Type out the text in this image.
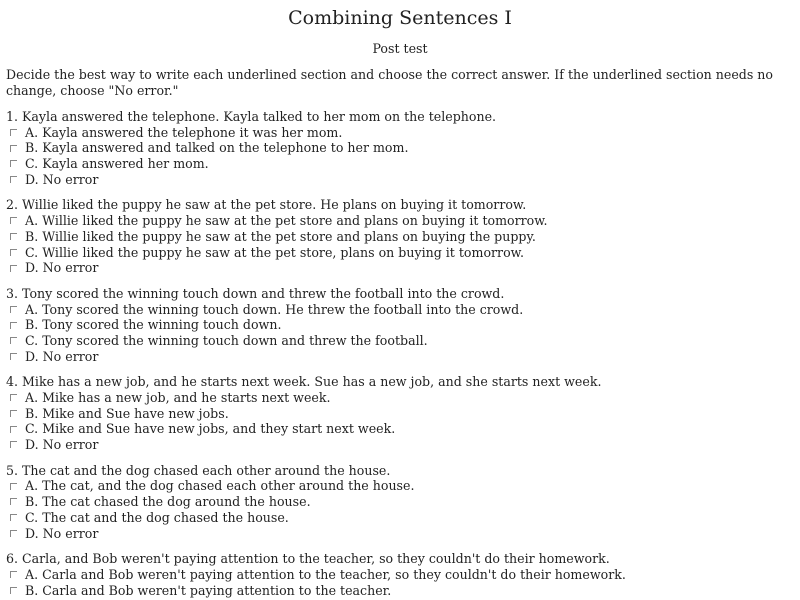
Combining Sentences I
Post test
Decide the best way to write each underlined section and choose the correct answer. If the underlined section needs no change, choose "No error."
1. Kayla answered the telephone. Kayla talked to her mom on the telephone.
A. Kayla answered the telephone it was her mom.
B. Kayla answered and talked on the telephone to her mom.
C. Kayla answered her mom.
D. No error
2. Willie liked the puppy he saw at the pet store. He plans on buying it tomorrow.
A. Willie liked the puppy he saw at the pet store and plans on buying it tomorrow.
B. Willie liked the puppy he saw at the pet store and plans on buying the puppy.
C. Willie liked the puppy he saw at the pet store, plans on buying it tomorrow.
D. No error
3. Tony scored the winning touch down and threw the football into the crowd.
A. Tony scored the winning touch down. He threw the football into the crowd.
B. Tony scored the winning touch down.
C. Tony scored the winning touch down and threw the football.
D. No error
4. Mike has a new job, and he starts next week. Sue has a new job, and she starts next week.
A. Mike has a new job, and he starts next week.
B. Mike and Sue have new jobs.
C. Mike and Sue have new jobs, and they start next week.
D. No error
5. The cat and the dog chased each other around the house.
A. The cat, and the dog chased each other around the house.
B. The cat chased the dog around the house.
C. The cat and the dog chased the house.
D. No error
6. Carla, and Bob weren't paying attention to the teacher, so they couldn't do their homework.
A. Carla and Bob weren't paying attention to the teacher, so they couldn't do their homework.
B. Carla and Bob weren't paying attention to the teacher.
